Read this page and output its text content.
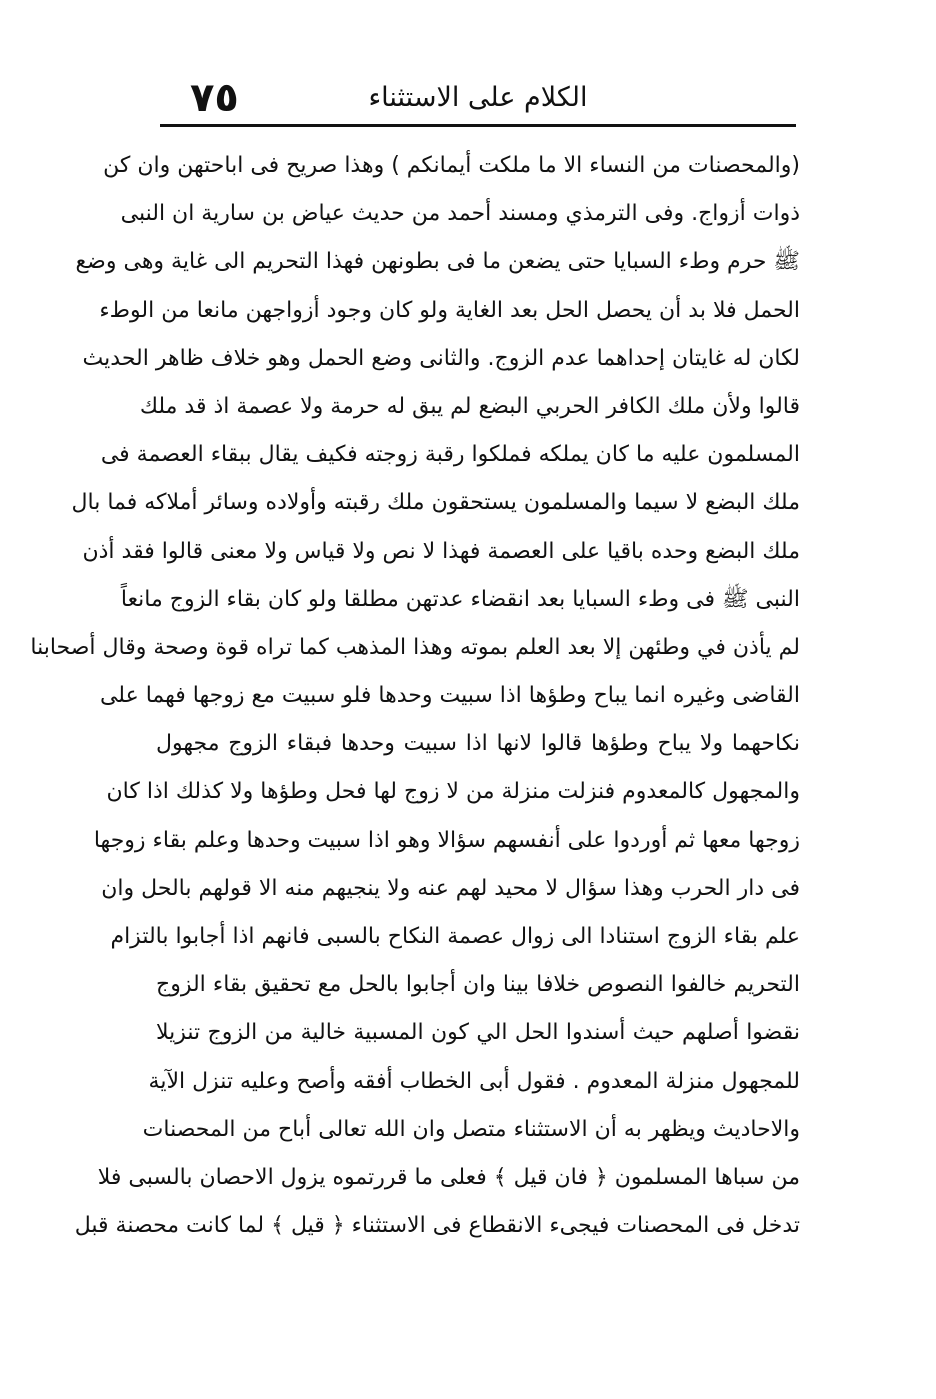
٧٥	الكلام على الاستثناء
(والمحصنات من النساء الا ما ملكت أيمانكم ) وهذا صريح فى اباحتهن وان كن
ذوات أزواج. وفى الترمذي ومسند أحمد من حديث عياض بن سارية ان النبى
ﷺ حرم وطء السبايا حتى يضعن ما فى بطونهن فهذا التحريم الى غاية وهى وضع
الحمل فلا بد أن يحصل الحل بعد الغاية ولو كان وجود أزواجهن مانعا من الوطء
لكان له غايتان إحداهما عدم الزوج. والثانى وضع الحمل وهو خلاف ظاهر الحديث
قالوا ولأن ملك الكافر الحربي البضع لم يبق له حرمة ولا عصمة اذ قد ملك
المسلمون عليه ما كان يملكه فملكوا رقبة زوجته فكيف يقال ببقاء العصمة فى
ملك البضع لا سيما والمسلمون يستحقون ملك رقبته وأولاده وسائر أملاكه فما بال
ملك البضع وحده باقيا على العصمة فهذا لا نص ولا قياس ولا معنى قالوا فقد أذن
النبى ﷺ فى وطء السبايا بعد انقضاء عدتهن مطلقا ولو كان بقاء الزوج مانعاً
لم يأذن في وطئهن إلا بعد العلم بموته وهذا المذهب كما تراه قوة وصحة وقال أصحابنا
القاضى وغيره انما يباح وطؤها اذا سبيت وحدها فلو سبيت مع زوجها فهما على
نكاحهما ولا يباح وطؤها قالوا لانها اذا سبيت وحدها فبقاء الزوج مجهول
والمجهول كالمعدوم فنزلت منزلة من لا زوج لها فحل وطؤها ولا كذلك اذا كان
زوجها معها ثم أوردوا على أنفسهم سؤالا وهو اذا سبيت وحدها وعلم بقاء زوجها
فى دار الحرب وهذا سؤال لا محيد لهم عنه ولا ينجيهم منه الا قولهم بالحل وان
علم بقاء الزوج استنادا الى زوال عصمة النكاح بالسبى فانهم اذا أجابوا بالتزام
التحريم خالفوا النصوص خلافا بينا وان أجابوا بالحل مع تحقيق بقاء الزوج
نقضوا أصلهم حيث أسندوا الحل الي كون المسبية خالية من الزوج تنزيلا
للمجهول منزلة المعدوم . فقول أبى الخطاب أفقه وأصح وعليه تنزل الآية
والاحاديث ويظهر به أن الاستثناء متصل وان الله تعالى أباح من المحصنات
من سباها المسلمون ﴿ فان قيل ﴾ فعلى ما قررتموه يزول الاحصان بالسبى فلا
تدخل فى المحصنات فيجىء الانقطاع فى الاستثناء ﴿ قيل ﴾ لما كانت محصنة قبل
